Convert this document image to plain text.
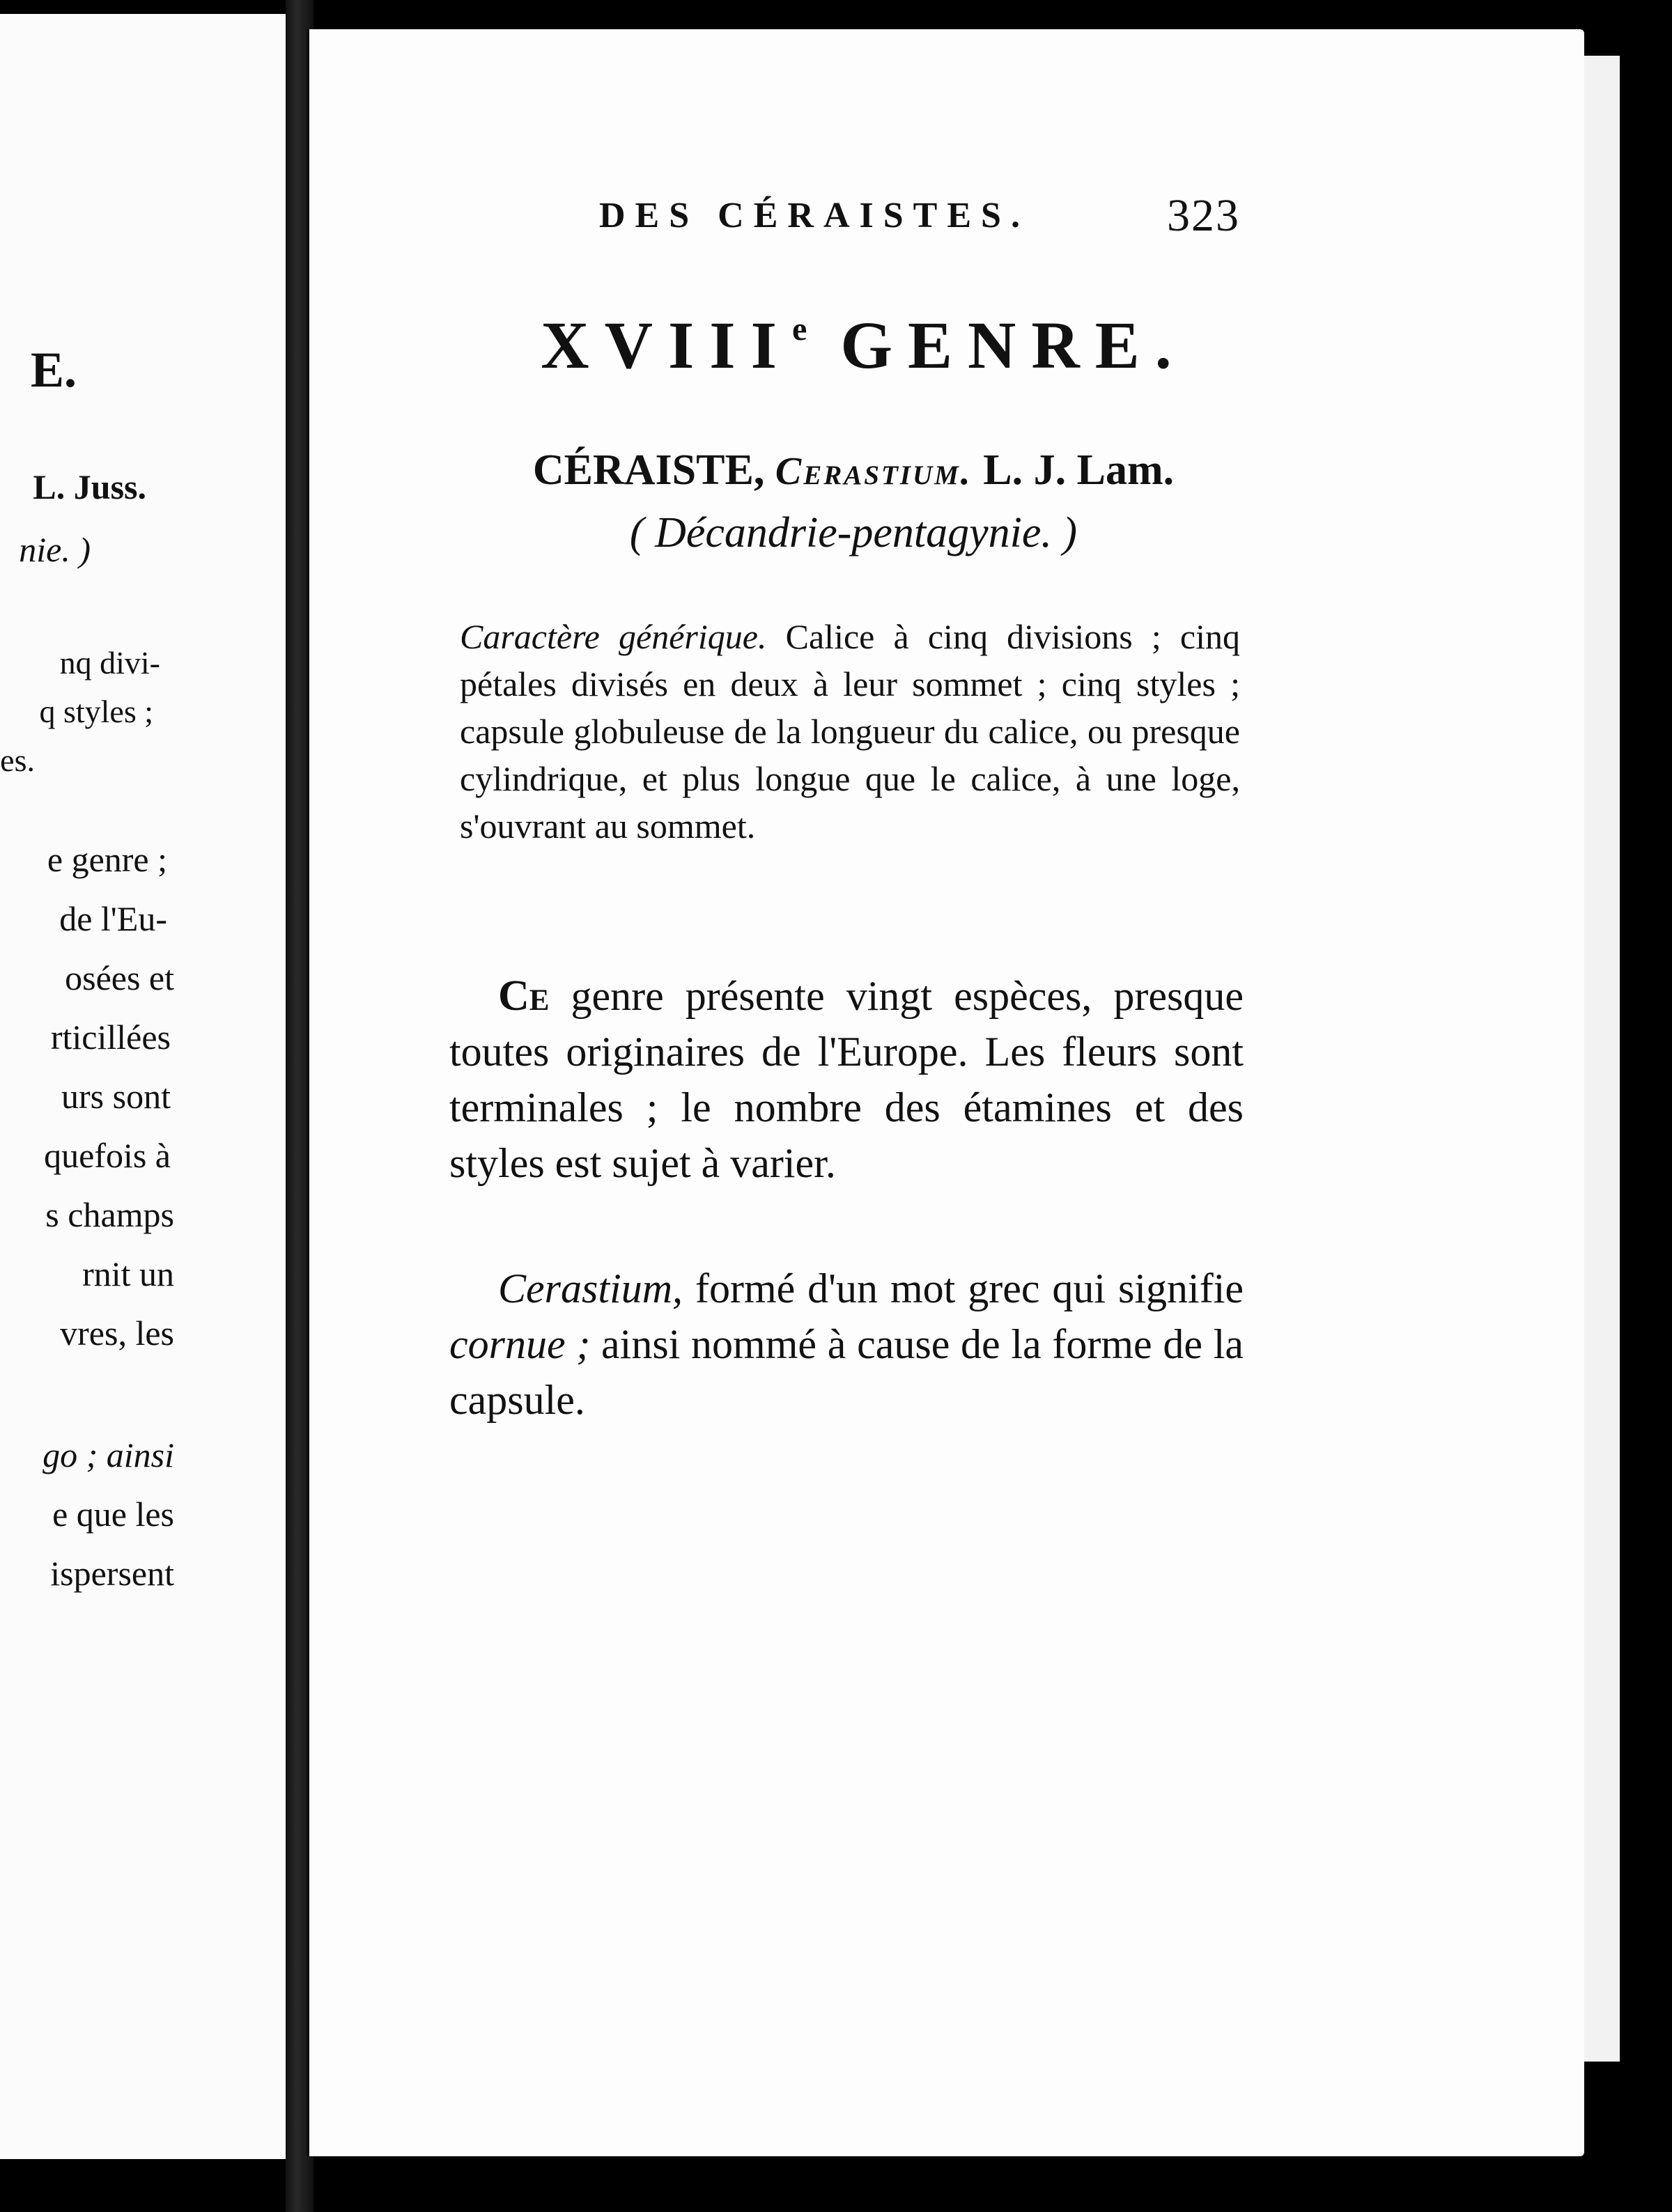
E.
L. Juss.
nie. )
nq divi-
q styles ;
es.
e genre ;
de l'Eu-
osées et
rticillées
urs sont
quefois à
s champs
rnit un
vres, les
go ; ainsi
e que les
ispersent
DES CÉRAISTES.	323
XVIIIe GENRE.
CÉRAISTE, Cerastium. L. J. Lam.
( Décandrie-pentagynie. )
Caractère générique. Calice à cinq divisions ; cinq pétales divisés en deux à leur sommet ; cinq styles ; capsule globuleuse de la longueur du calice, ou presque cylindrique, et plus longue que le calice, à une loge, s'ouvrant au sommet.
Ce genre présente vingt espèces, presque toutes originaires de l'Europe. Les fleurs sont terminales ; le nombre des étamines et des styles est sujet à varier.
Cerastium, formé d'un mot grec qui signifie cornue ; ainsi nommé à cause de la forme de la capsule.
